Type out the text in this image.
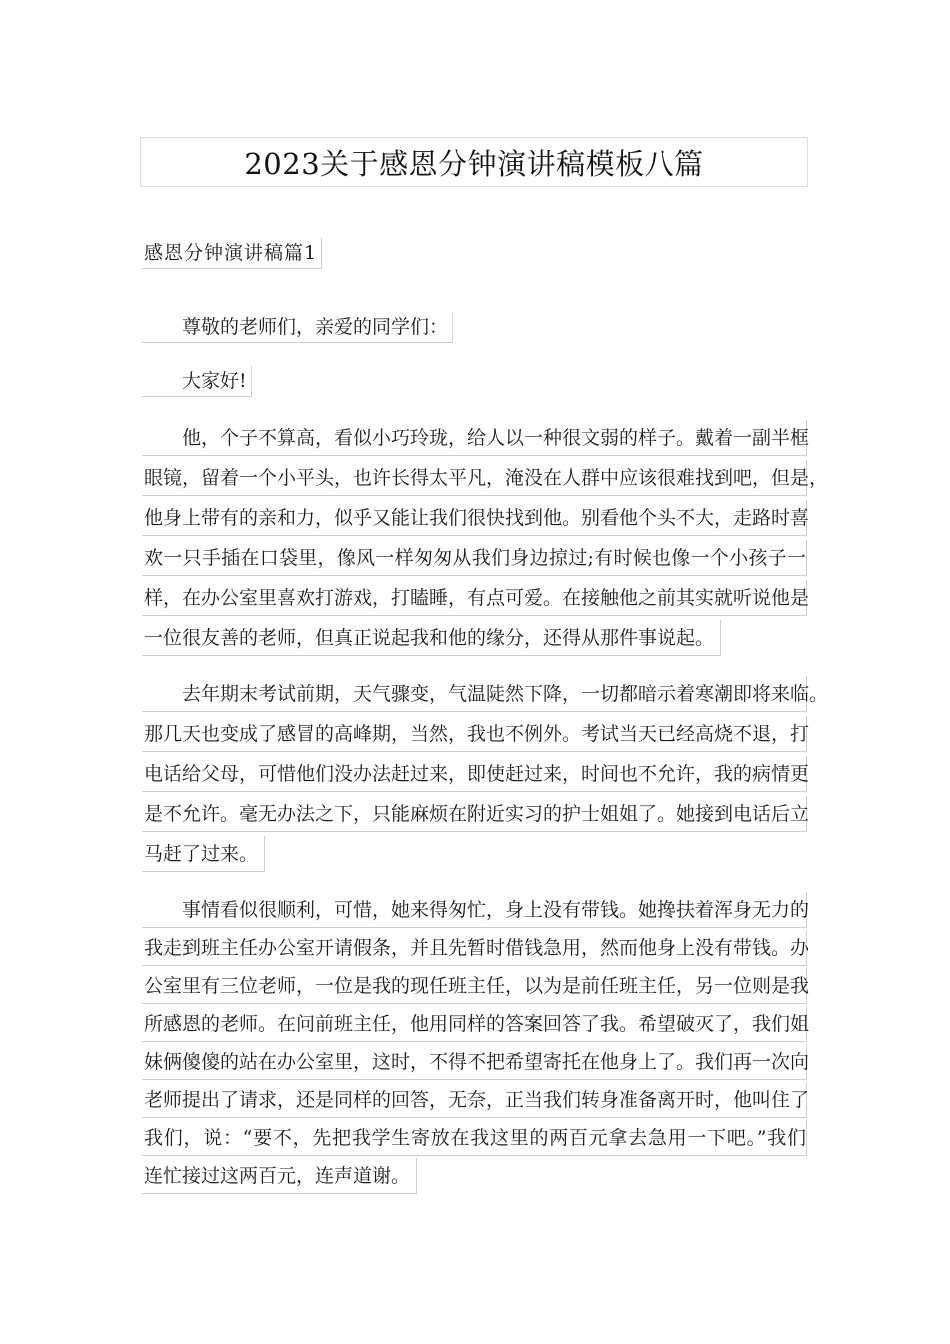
2023关于感恩分钟演讲稿模板八篇
感恩分钟演讲稿篇1
尊敬的老师们，亲爱的同学们：
大家好!
他，个子不算高，看似小巧玲珑，给人以一种很文弱的样子。戴着一副半框
眼镜，留着一个小平头，也许长得太平凡，淹没在人群中应该很难找到吧，但是，
他身上带有的亲和力，似乎又能让我们很快找到他。别看他个头不大，走路时喜
欢一只手插在口袋里，像风一样匆匆从我们身边掠过;有时候也像一个小孩子一
样，在办公室里喜欢打游戏，打瞌睡，有点可爱。在接触他之前其实就听说他是
一位很友善的老师，但真正说起我和他的缘分，还得从那件事说起。
去年期末考试前期，天气骤变，气温陡然下降，一切都暗示着寒潮即将来临。
那几天也变成了感冒的高峰期，当然，我也不例外。考试当天已经高烧不退，打
电话给父母，可惜他们没办法赶过来，即使赶过来，时间也不允许，我的病情更
是不允许。毫无办法之下，只能麻烦在附近实习的护士姐姐了。她接到电话后立
马赶了过来。
事情看似很顺利，可惜，她来得匆忙，身上没有带钱。她搀扶着浑身无力的
我走到班主任办公室开请假条，并且先暂时借钱急用，然而他身上没有带钱。办
公室里有三位老师，一位是我的现任班主任，以为是前任班主任，另一位则是我
所感恩的老师。在问前班主任，他用同样的答案回答了我。希望破灭了，我们姐
妹俩傻傻的站在办公室里，这时，不得不把希望寄托在他身上了。我们再一次向
老师提出了请求，还是同样的回答，无奈，正当我们转身准备离开时，他叫住了
我们，说：“要不，先把我学生寄放在我这里的两百元拿去急用一下吧。”我们
连忙接过这两百元，连声道谢。
